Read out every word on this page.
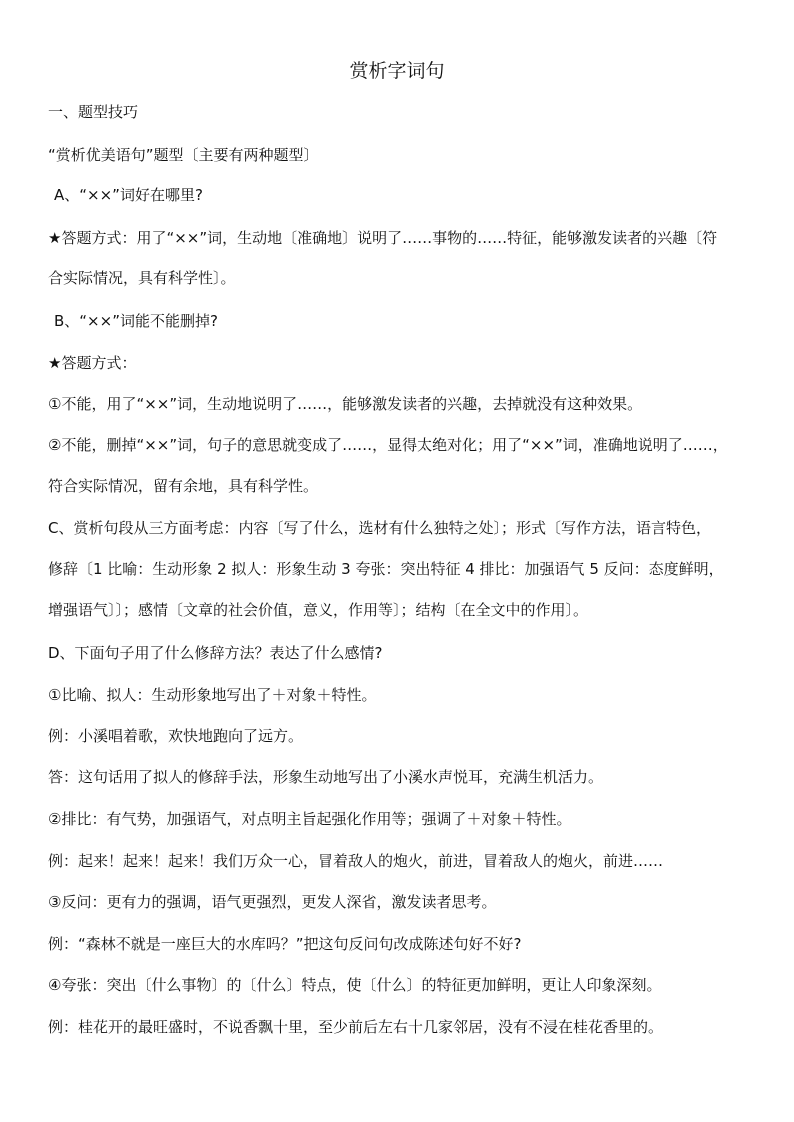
赏析字词句
一、题型技巧
“赏析优美语句”题型〔主要有两种题型〕
A、“××”词好在哪里?
★答题方式：用了“××”词，生动地〔准确地〕说明了……事物的……特征，能够激发读者的兴趣〔符
合实际情况，具有科学性〕。
B、“××”词能不能删掉?
★答题方式：
①不能，用了“××”词，生动地说明了……，能够激发读者的兴趣，去掉就没有这种效果。
②不能，删掉“××”词，句子的意思就变成了……，显得太绝对化；用了“××”词，准确地说明了……，
符合实际情况，留有余地，具有科学性。
C、赏析句段从三方面考虑：内容〔写了什么，选材有什么独特之处〕；形式〔写作方法，语言特色，
修辞〔1 比喻：生动形象 2 拟人：形象生动 3 夸张：突出特征 4 排比：加强语气 5 反问：态度鲜明，
增强语气〕〕；感情〔文章的社会价值，意义，作用等〕；结构〔在全文中的作用〕。
D、下面句子用了什么修辞方法？表达了什么感情?
①比喻、拟人：生动形象地写出了＋对象＋特性。
例：小溪唱着歌，欢快地跑向了远方。
答：这句话用了拟人的修辞手法，形象生动地写出了小溪水声悦耳，充满生机活力。
②排比：有气势，加强语气，对点明主旨起强化作用等；强调了＋对象＋特性。
例：起来！起来！起来！我们万众一心，冒着敌人的炮火，前进，冒着敌人的炮火，前进……
③反问：更有力的强调，语气更强烈，更发人深省，激发读者思考。
例：“森林不就是一座巨大的水库吗？”把这句反问句改成陈述句好不好?
④夸张：突出〔什么事物〕的〔什么〕特点，使〔什么〕的特征更加鲜明，更让人印象深刻。
例：桂花开的最旺盛时，不说香飘十里，至少前后左右十几家邻居，没有不浸在桂花香里的。
